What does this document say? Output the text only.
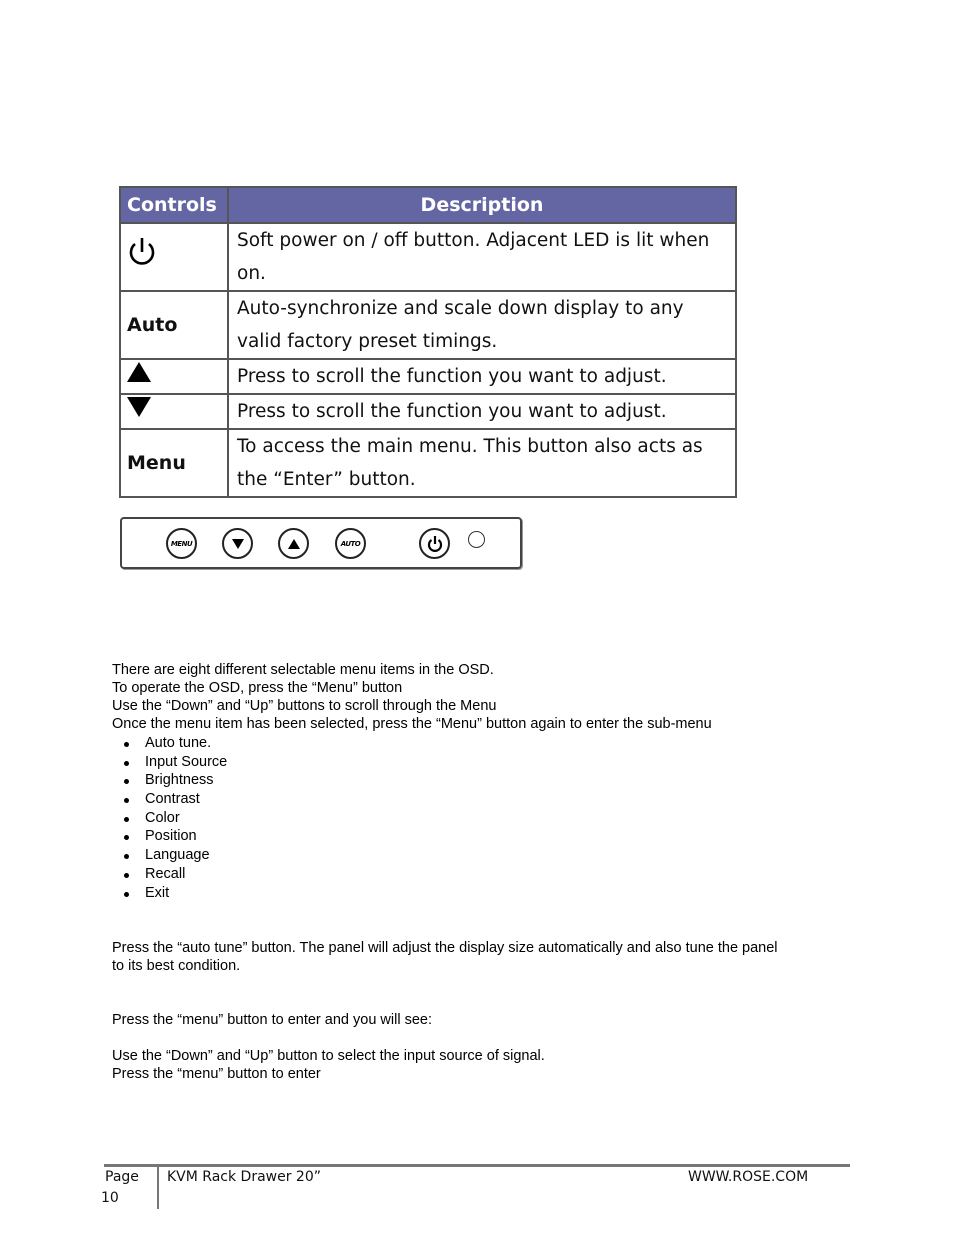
Controls	Description
	Soft power on / off button. Adjacent LED is lit when on.
Auto	Auto-synchronize and scale down display to any valid factory preset timings.
	Press to scroll the function you want to adjust.
	Press to scroll the function you want to adjust.
Menu	To access the main menu. This button also acts as the “Enter” button.
MENU	AUTO
There are eight different selectable menu items in the OSD.
To operate the OSD, press the “Menu” button
Use the “Down” and “Up” buttons to scroll through the Menu
Once the menu item has been selected, press the “Menu” button again to enter the sub-menu
Auto tune.
Input Source
Brightness
Contrast
Color
Position
Language
Recall
Exit
Press the “auto tune” button. The panel will adjust the display size automatically and also tune the panel
to its best condition.
Press the “menu” button to enter and you will see:
Use the “Down” and “Up” button to select the input source of signal.
Press the “menu” button to enter
Page
10
KVM Rack Drawer 20”	WWW.ROSE.COM
